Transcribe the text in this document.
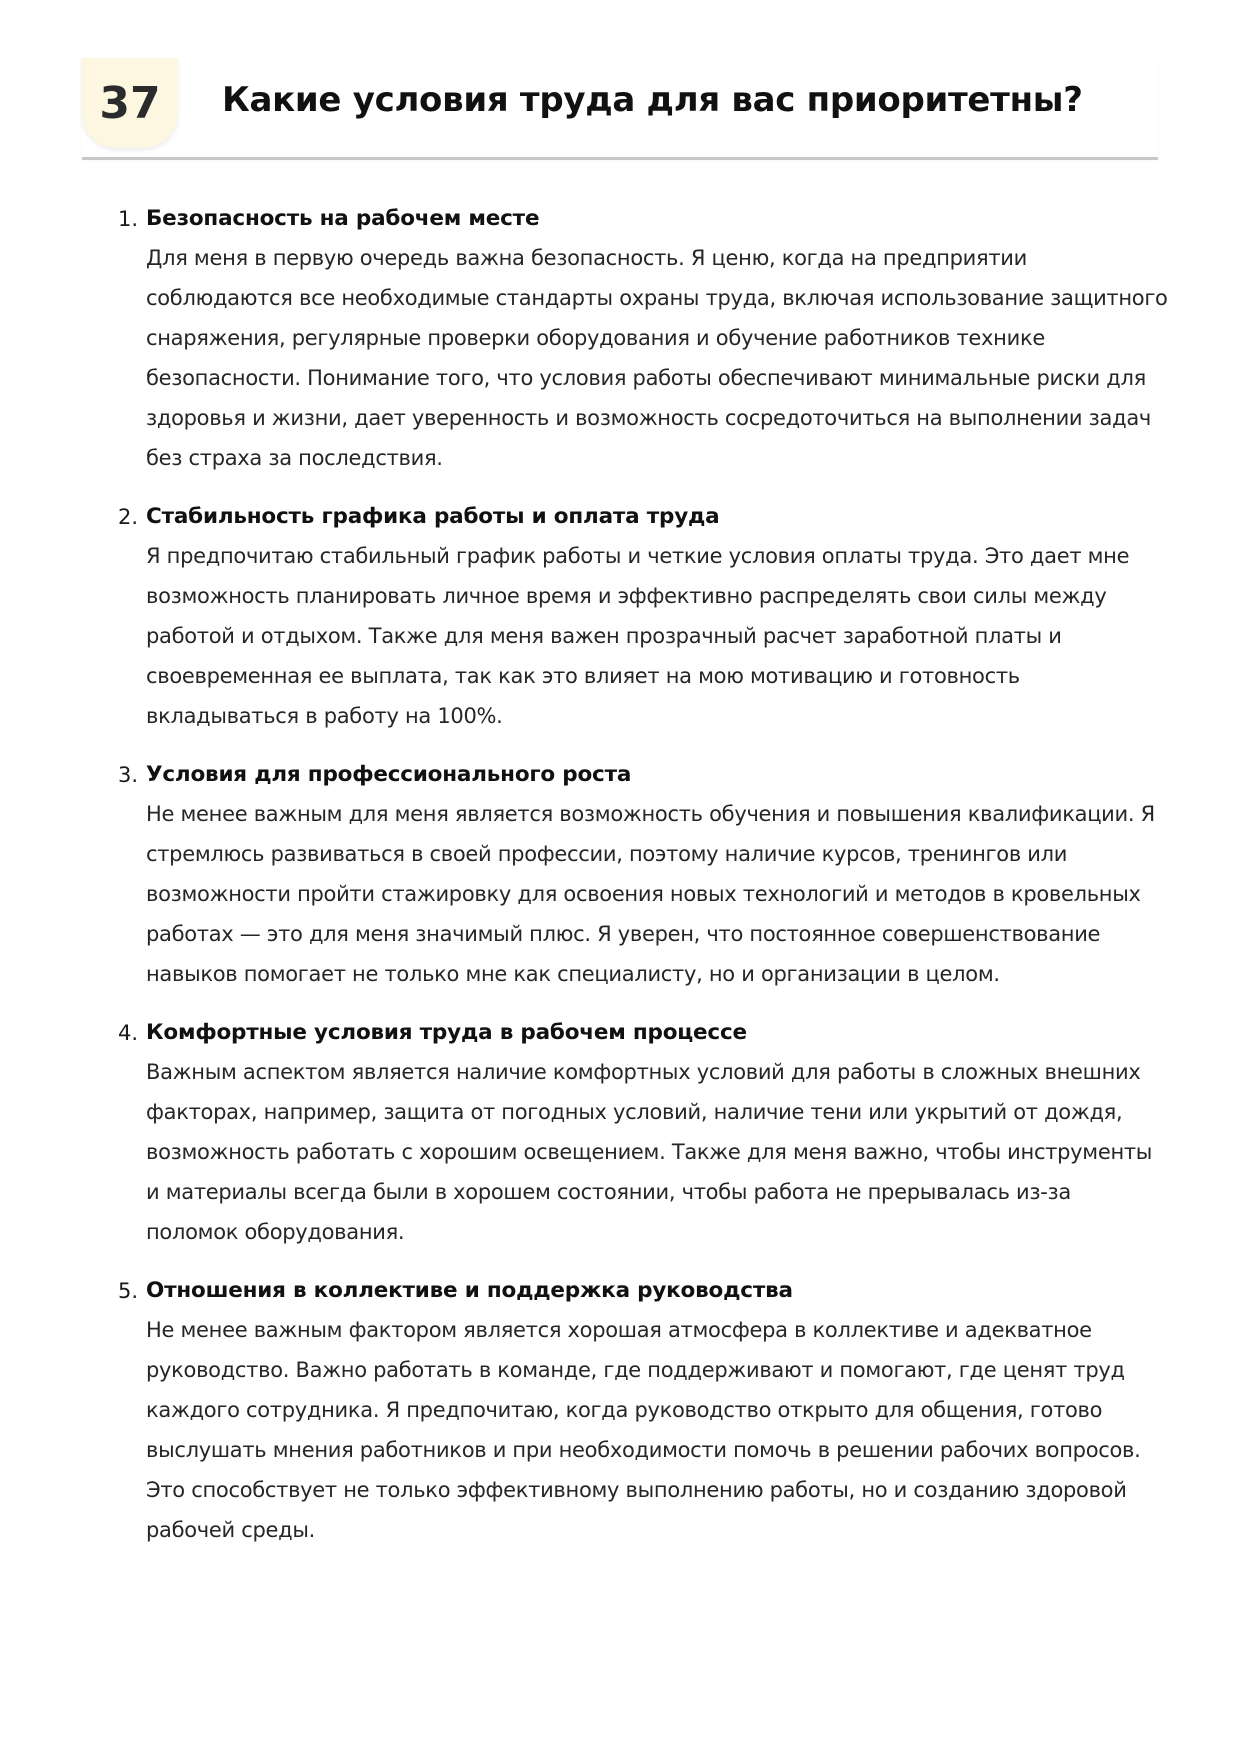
37	Какие условия труда для вас приоритетны?
1. Безопасность на рабочем месте
Для меня в первую очередь важна безопасность. Я ценю, когда на предприятии соблюдаются все необходимые стандарты охраны труда, включая использование защитного снаряжения, регулярные проверки оборудования и обучение работников технике безопасности. Понимание того, что условия работы обеспечивают минимальные риски для здоровья и жизни, дает уверенность и возможность сосредоточиться на выполнении задач без страха за последствия.
2. Стабильность графика работы и оплата труда
Я предпочитаю стабильный график работы и четкие условия оплаты труда. Это дает мне возможность планировать личное время и эффективно распределять свои силы между работой и отдыхом. Также для меня важен прозрачный расчет заработной платы и своевременная ее выплата, так как это влияет на мою мотивацию и готовность вкладываться в работу на 100%.
3. Условия для профессионального роста
Не менее важным для меня является возможность обучения и повышения квалификации. Я стремлюсь развиваться в своей профессии, поэтому наличие курсов, тренингов или возможности пройти стажировку для освоения новых технологий и методов в кровельных работах — это для меня значимый плюс. Я уверен, что постоянное совершенствование навыков помогает не только мне как специалисту, но и организации в целом.
4. Комфортные условия труда в рабочем процессе
Важным аспектом является наличие комфортных условий для работы в сложных внешних факторах, например, защита от погодных условий, наличие тени или укрытий от дождя, возможность работать с хорошим освещением. Также для меня важно, чтобы инструменты и материалы всегда были в хорошем состоянии, чтобы работа не прерывалась из-за поломок оборудования.
5. Отношения в коллективе и поддержка руководства
Не менее важным фактором является хорошая атмосфера в коллективе и адекватное руководство. Важно работать в команде, где поддерживают и помогают, где ценят труд каждого сотрудника. Я предпочитаю, когда руководство открыто для общения, готово выслушать мнения работников и при необходимости помочь в решении рабочих вопросов. Это способствует не только эффективному выполнению работы, но и созданию здоровой рабочей среды.
